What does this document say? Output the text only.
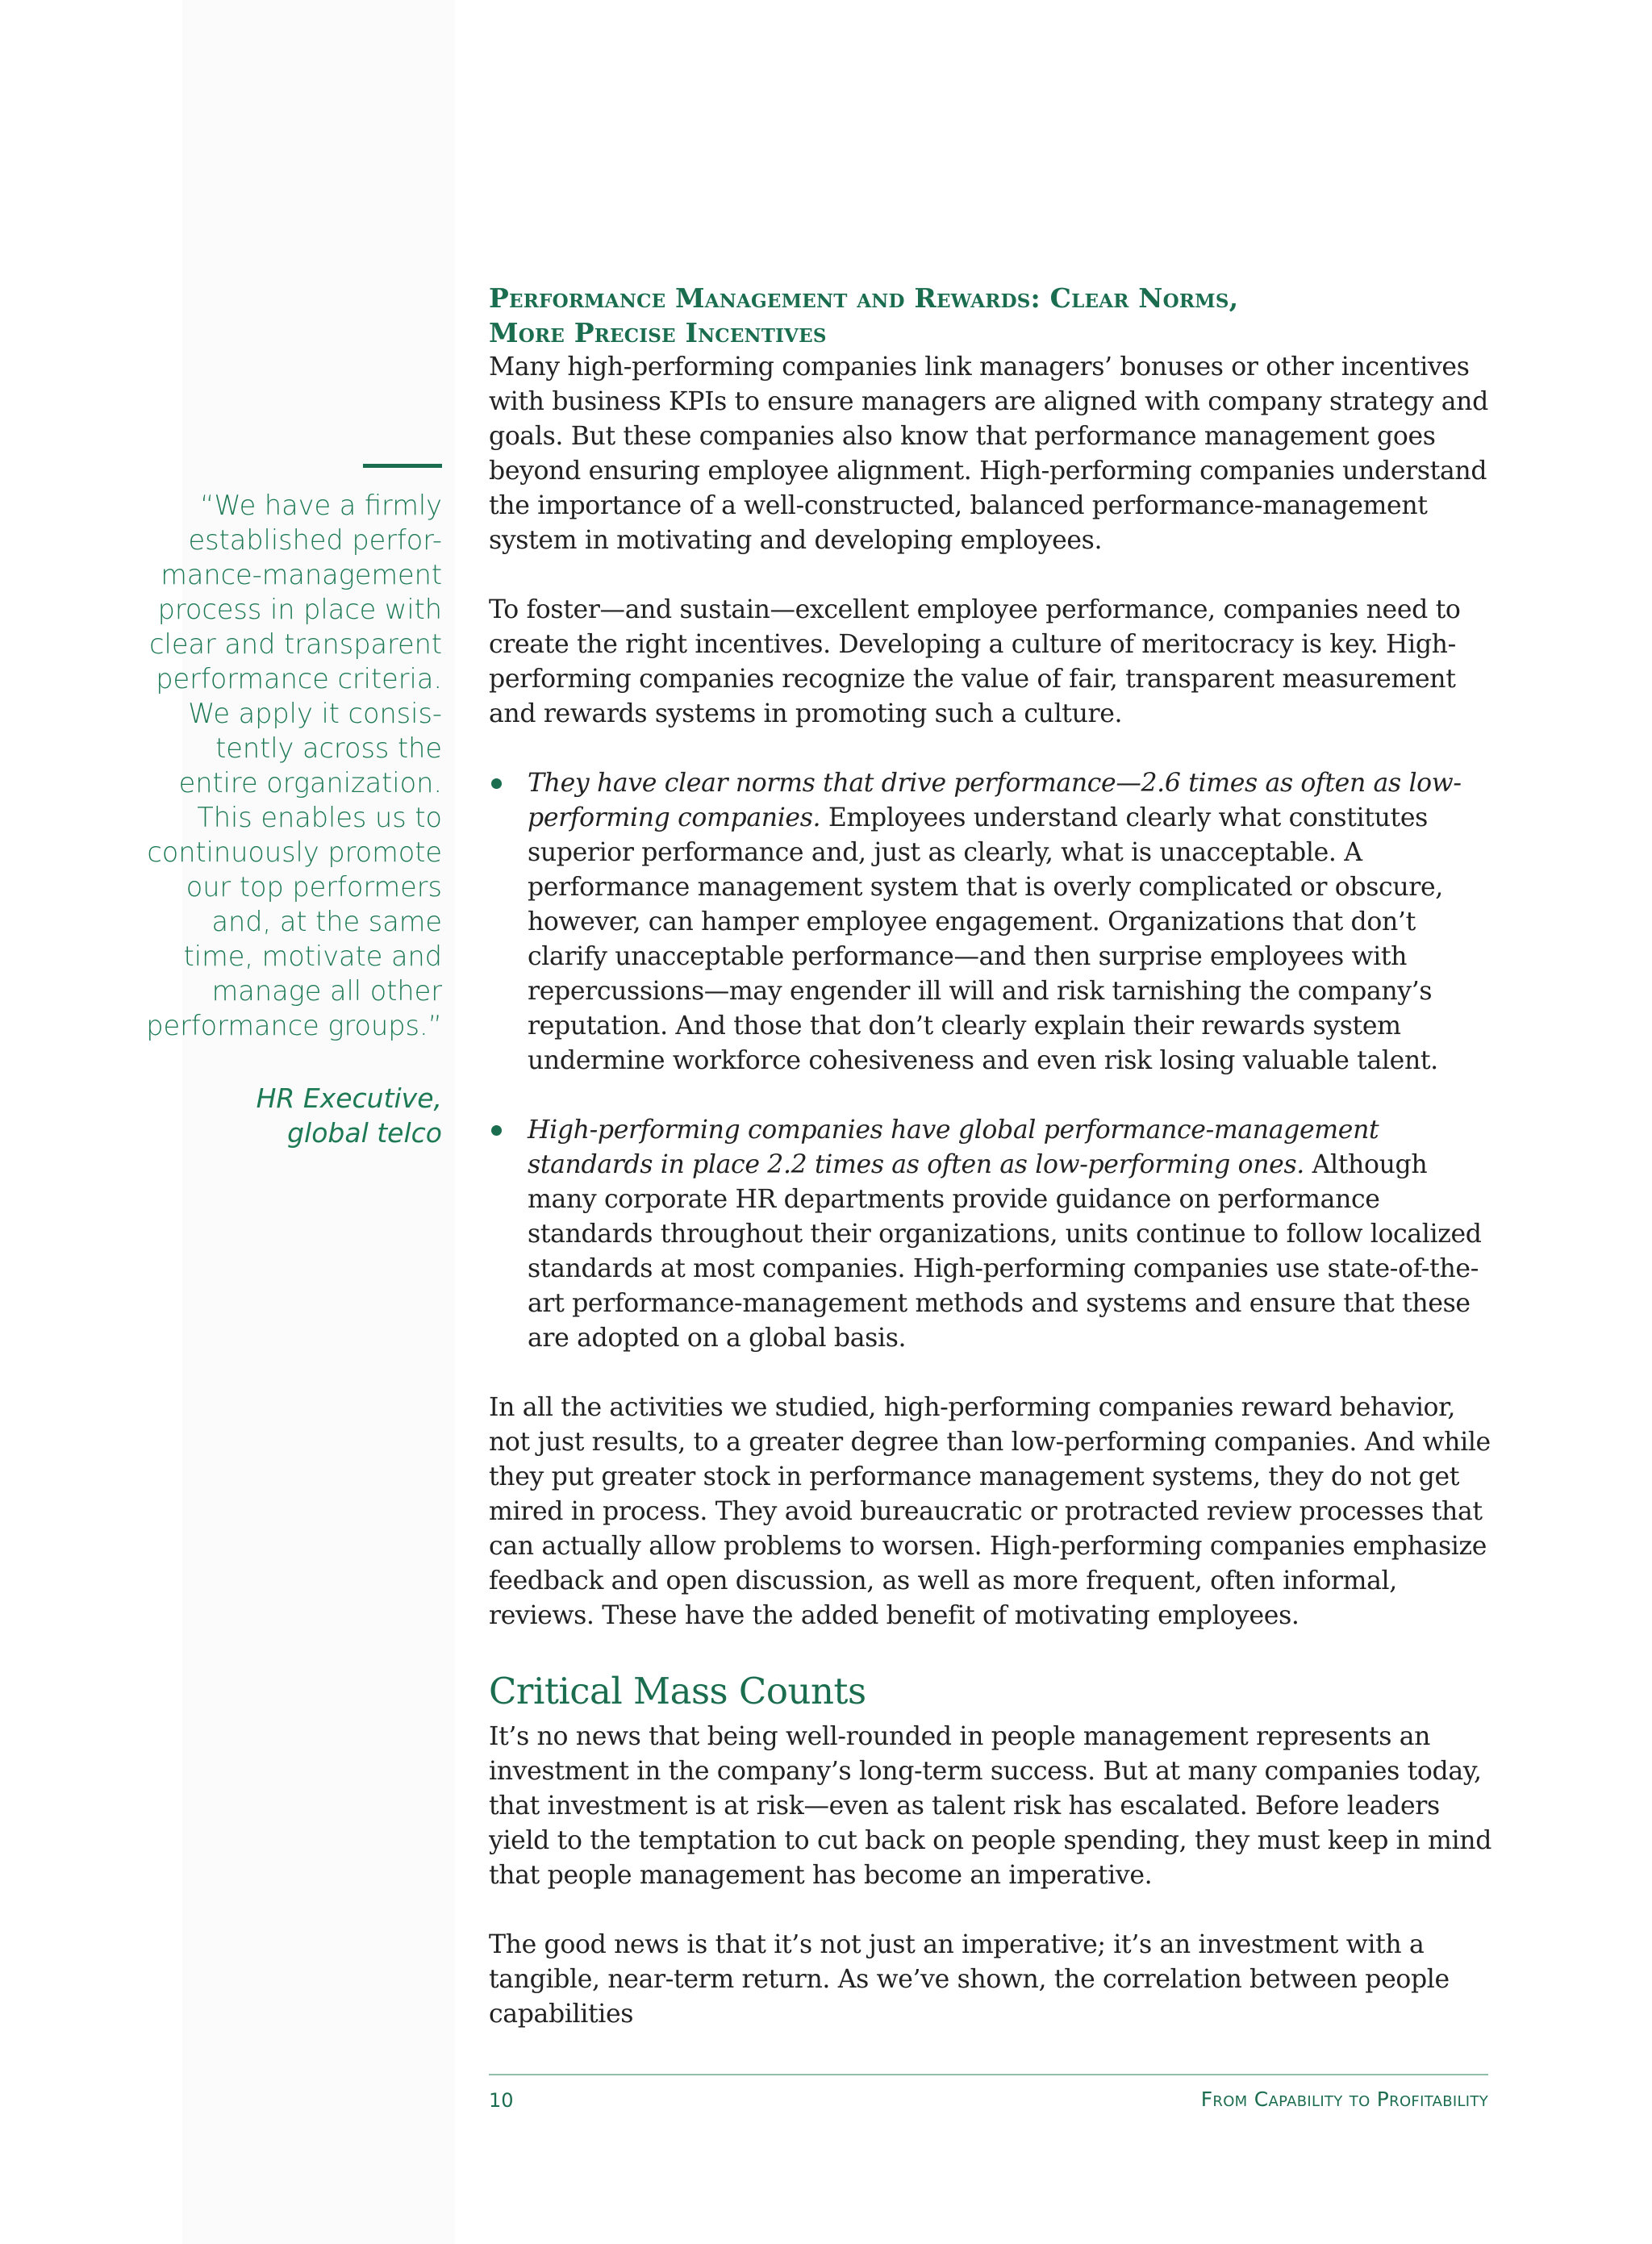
“We have a firmly established perfor-mance-management process in place with clear and transparent performance criteria. We apply it consis-tently across the entire organization. This enables us to continuously promote our top performers and, at the same time, motivate and manage all other performance groups.”

HR Executive,
global telco

Performance Management and Rewards: Clear Norms,
More Precise Incentives

Many high-performing companies link managers’ bonuses or other incentives with business KPIs to ensure managers are aligned with company strategy and goals. But these companies also know that performance management goes beyond ensuring employee alignment. High-performing companies understand the importance of a well-constructed, balanced performance-management system in motivating and developing employees.

To foster—and sustain—excellent employee performance, companies need to create the right incentives. Developing a culture of meritocracy is key. High-performing companies recognize the value of fair, transparent measurement and rewards systems in promoting such a culture.

They have clear norms that drive performance—2.6 times as often as low-performing companies. Employees understand clearly what constitutes superior performance and, just as clearly, what is unacceptable. A performance management system that is overly complicated or obscure, however, can hamper employee engagement. Organizations that don’t clarify unacceptable performance—and then surprise employees with repercussions—may engender ill will and risk tarnishing the company’s reputation. And those that don’t clearly explain their rewards system undermine workforce cohesiveness and even risk losing valuable talent.
High-performing companies have global performance-management standards in place 2.2 times as often as low-performing ones. Although many corporate HR departments provide guidance on performance standards throughout their organizations, units continue to follow localized standards at most companies. High-performing companies use state-of-the-art performance-management methods and systems and ensure that these are adopted on a global basis.

In all the activities we studied, high-performing companies reward behavior, not just results, to a greater degree than low-performing companies. And while they put greater stock in performance management systems, they do not get mired in process. They avoid bureaucratic or protracted review processes that can actually allow problems to worsen. High-performing companies emphasize feedback and open discussion, as well as more frequent, often informal, reviews. These have the added benefit of motivating employees.

Critical Mass Counts

It’s no news that being well-rounded in people management represents an investment in the company’s long-term success. But at many companies today, that investment is at risk—even as talent risk has escalated. Before leaders yield to the temptation to cut back on people spending, they must keep in mind that people management has become an imperative.

The good news is that it’s not just an imperative; it’s an investment with a tangible, near-term return. As we’ve shown, the correlation between people capabilities

10	From Capability to Profitability
